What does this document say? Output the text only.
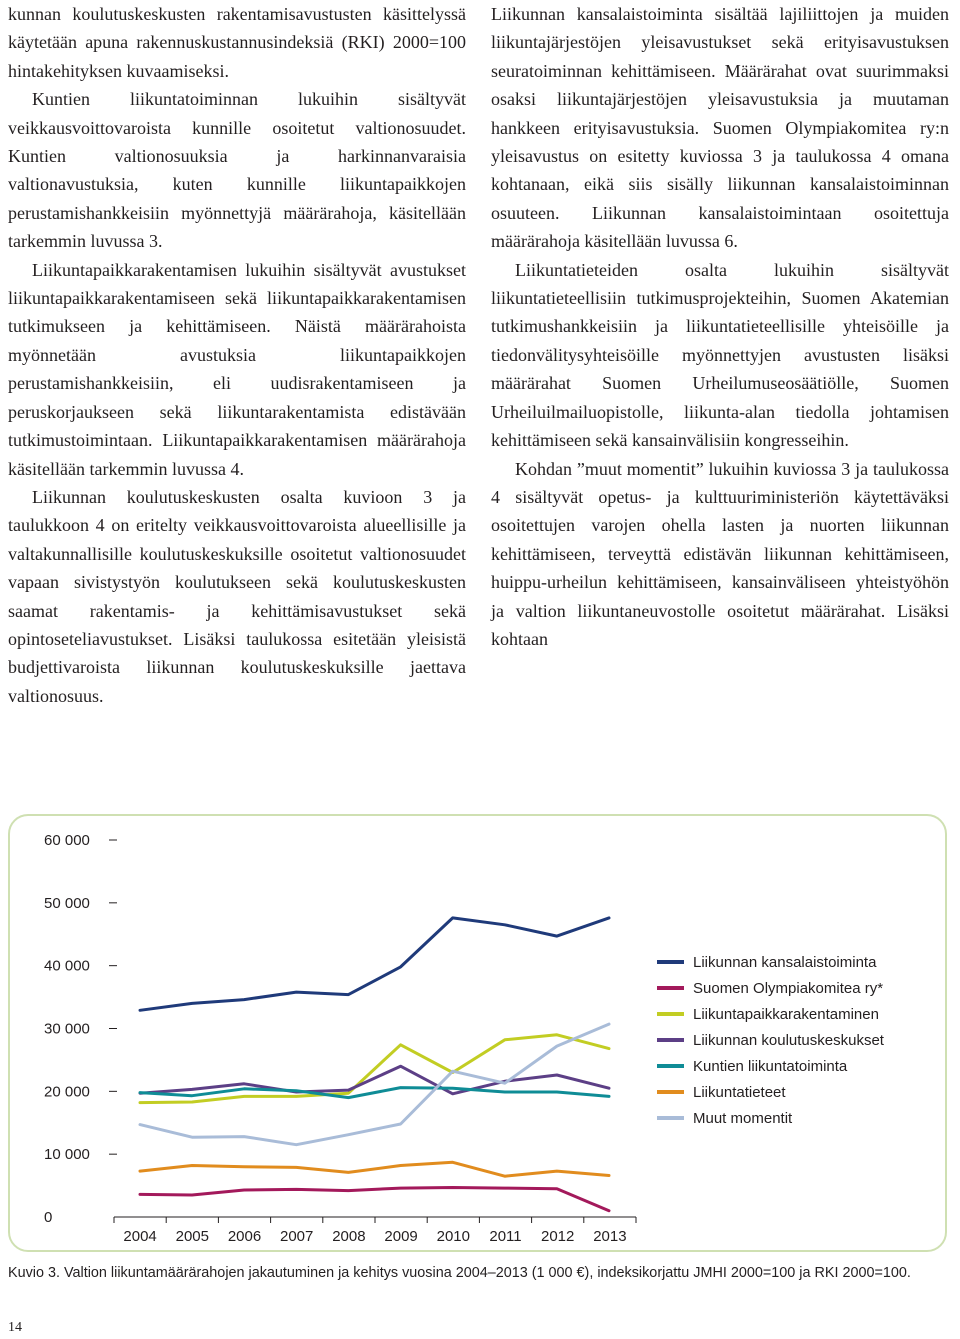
kunnan koulutuskeskusten rakentamisavustusten käsittelyssä käytetään apuna rakennuskustannusindeksiä (RKI) 2000=100 hintakehityksen kuvaamiseksi.

Kuntien liikuntatoiminnan lukuihin sisältyvät veikkausvoittovaroista kunnille osoitetut valtionosuudet. Kuntien valtionosuuksia ja harkinnanvaraisia valtionavustuksia, kuten kunnille liikuntapaikkojen perustamishankkeisiin myönnettyjä määrärahoja, käsitellään tarkemmin luvussa 3.

Liikuntapaikkarakentamisen lukuihin sisältyvät avustukset liikuntapaikkarakentamiseen sekä liikuntapaikkarakentamisen tutkimukseen ja kehittämiseen. Näistä määrärahoista myönnetään avustuksia liikuntapaikkojen perustamishankkeisiin, eli uudisrakentamiseen ja peruskorjaukseen sekä liikuntarakentamista edistävään tutkimustoimintaan. Liikuntapaikkarakentamisen määrärahoja käsitellään tarkemmin luvussa 4.

Liikunnan koulutuskeskusten osalta kuvioon 3 ja taulukkoon 4 on eritelty veikkausvoittovaroista alueellisille ja valtakunnallisille koulutuskeskuksille osoitetut valtionosuudet vapaan sivistystyön koulutukseen sekä koulutuskeskusten saamat rakentamis- ja kehittämisavustukset sekä opintoseteliavustukset. Lisäksi taulukossa esitetään yleisistä budjettivaroista liikunnan koulutuskeskuksille jaettava valtionosuus.

Liikunnan kansalaistoiminta sisältää lajiliittojen ja muiden liikuntajärjestöjen yleisavustukset sekä erityisavustuksen seuratoiminnan kehittämiseen. Määrärahat ovat suurimmaksi osaksi liikuntajärjestöjen yleisavustuksia ja muutaman hankkeen erityisavustuksia. Suomen Olympiakomitea ry:n yleisavustus on esitetty kuviossa 3 ja taulukossa 4 omana kohtanaan, eikä siis sisälly liikunnan kansalaistoiminnan osuuteen. Liikunnan kansalaistoimintaan osoitettuja määrärahoja käsitellään luvussa 6.

Liikuntatieteiden osalta lukuihin sisältyvät liikuntatieteellisiin tutkimusprojekteihin, Suomen Akatemian tutkimushankkeisiin ja liikuntatieteellisille yhteisöille ja tiedonvälitysyhteisöille myönnettyjen avustusten lisäksi määrärahat Suomen Urheilumuseosäätiölle, Suomen Urheiluilmailuopistolle, liikunta-alan tiedolla johtamisen kehittämiseen sekä kansainvälisiin kongresseihin.

Kohdan ”muut momentit” lukuihin kuviossa 3 ja taulukossa 4 sisältyvät opetus- ja kulttuuriministeriön käytettäväksi osoitettujen varojen ohella lasten ja nuorten liikunnan kehittämiseen, terveyttä edistävän liikunnan kehittämiseen, huippu-urheilun kehittämiseen, kansainväliseen yhteistyöhön ja valtion liikuntaneuvostolle osoitetut määrärahat. Lisäksi kohtaan

0
10 000
20 000
30 000
40 000
50 000
60 000
2004 2005 2006 2007 2008 2009 2010 2011 2012 2013
Liikunnan kansalaistoiminta
Suomen Olympiakomitea ry*
Liikuntapaikkarakentaminen
Liikunnan koulutuskeskukset
Kuntien liikuntatoiminta
Liikuntatieteet
Muut momentit
Kuvio 3. Valtion liikuntamäärärahojen jakautuminen ja kehitys vuosina 2004–2013 (1 000 €), indeksikorjattu JMHI 2000=100 ja RKI 2000=100.
14
